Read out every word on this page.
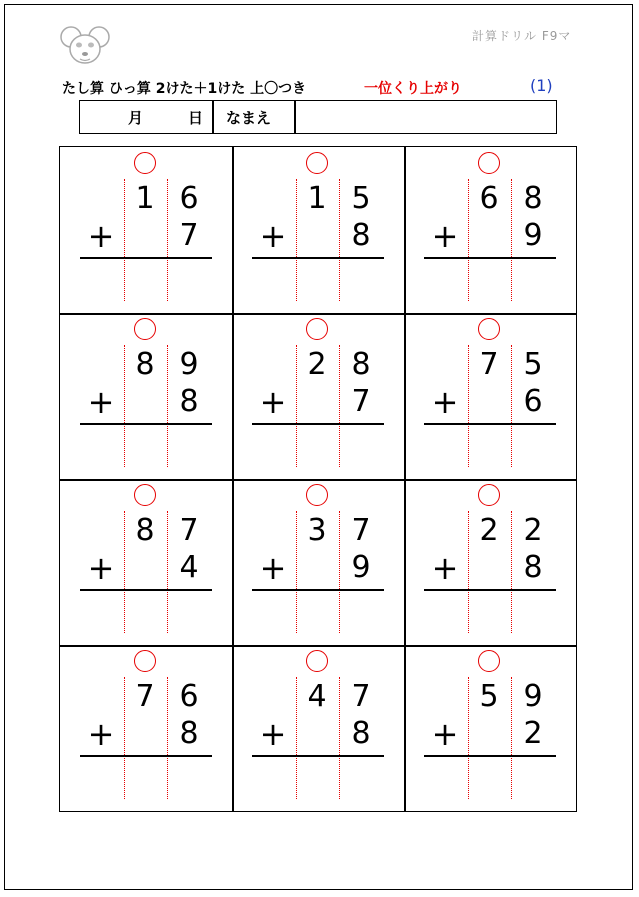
計算ドリル F9マ
たし算 ひっ算 2けた＋1けた 上〇つき	一位くり上がり	(1)
月	日 なまえ
1 6
+ 7
1 5
+ 8
6 8
+ 9
8 9
+ 8
2 8
+ 7
7 5
+ 6
8 7
+ 4
3 7
+ 9
2 2
+ 8
7 6
+ 8
4 7
+ 8
5 9
+ 2
